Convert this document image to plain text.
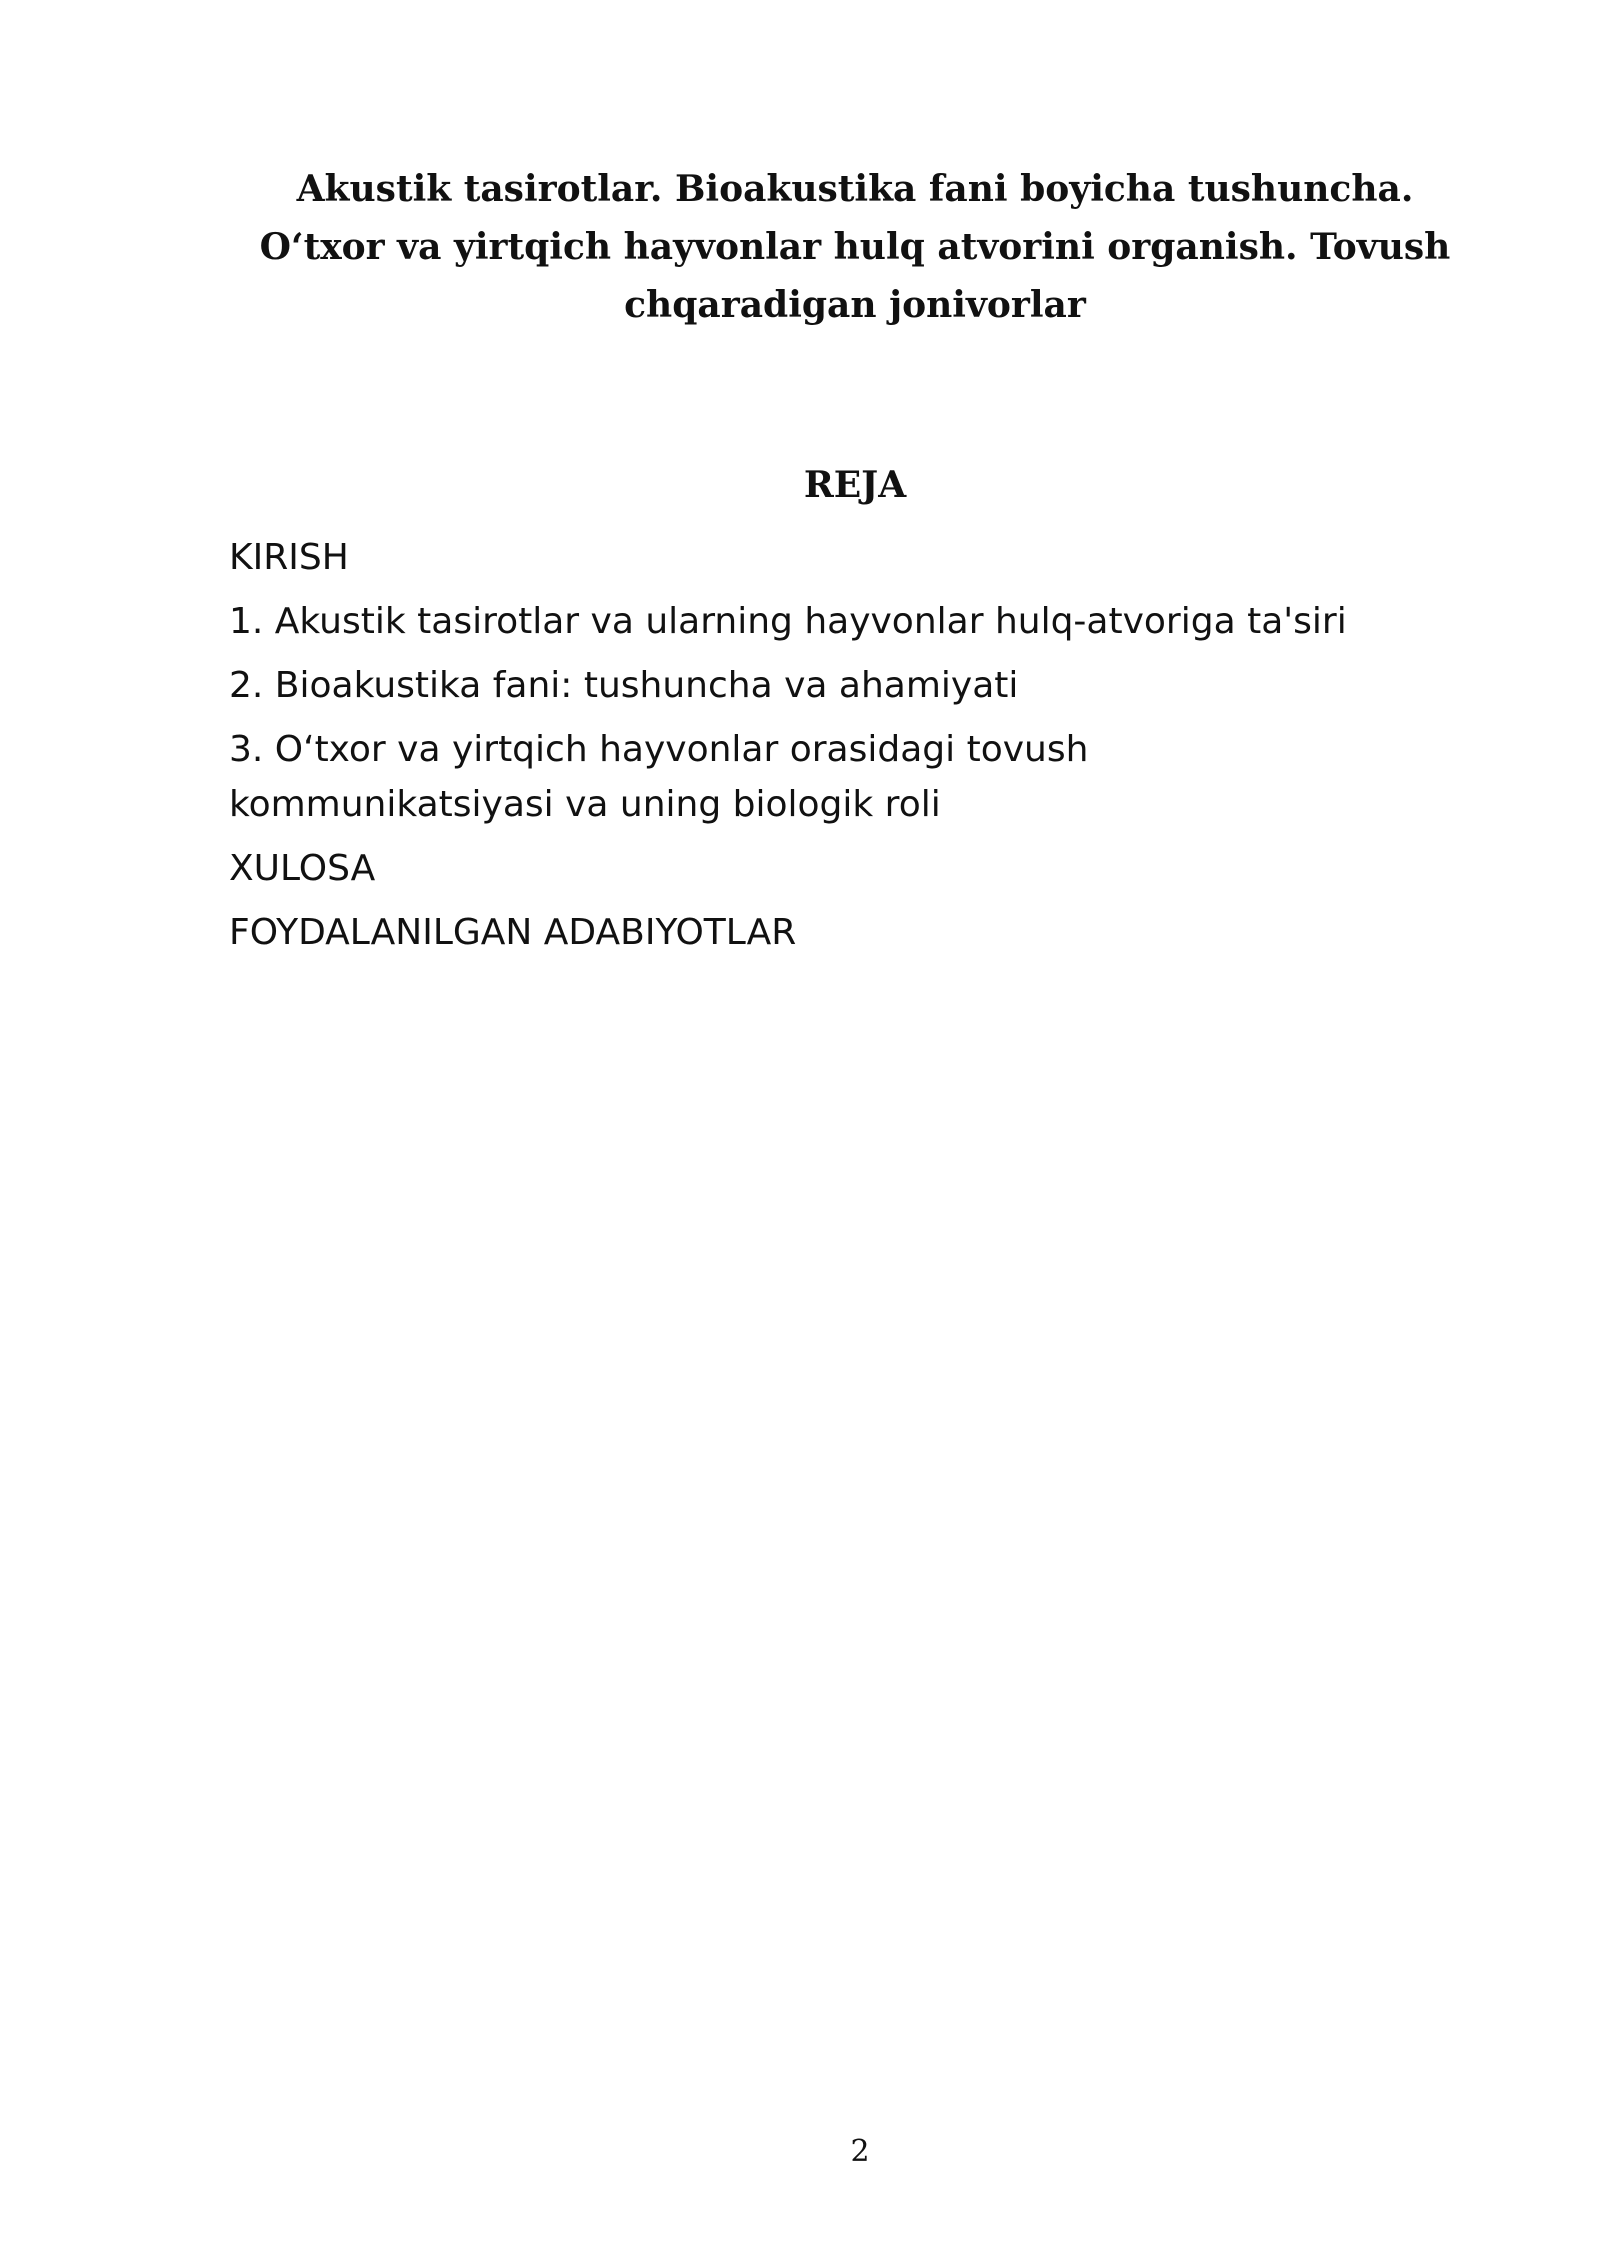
Akustik tasirotlar. Bioakustika fani boyicha tushuncha.
O‘txor va yirtqich hayvonlar hulq atvorini organish. Tovush
chqaradigan jonivorlar
REJA
KIRISH
1. Akustik tasirotlar va ularning hayvonlar hulq-atvoriga ta'siri
2. Bioakustika fani: tushuncha va ahamiyati
3. O‘txor va yirtqich hayvonlar orasidagi tovush
kommunikatsiyasi va uning biologik roli
XULOSA
FOYDALANILGAN ADABIYOTLAR
2
